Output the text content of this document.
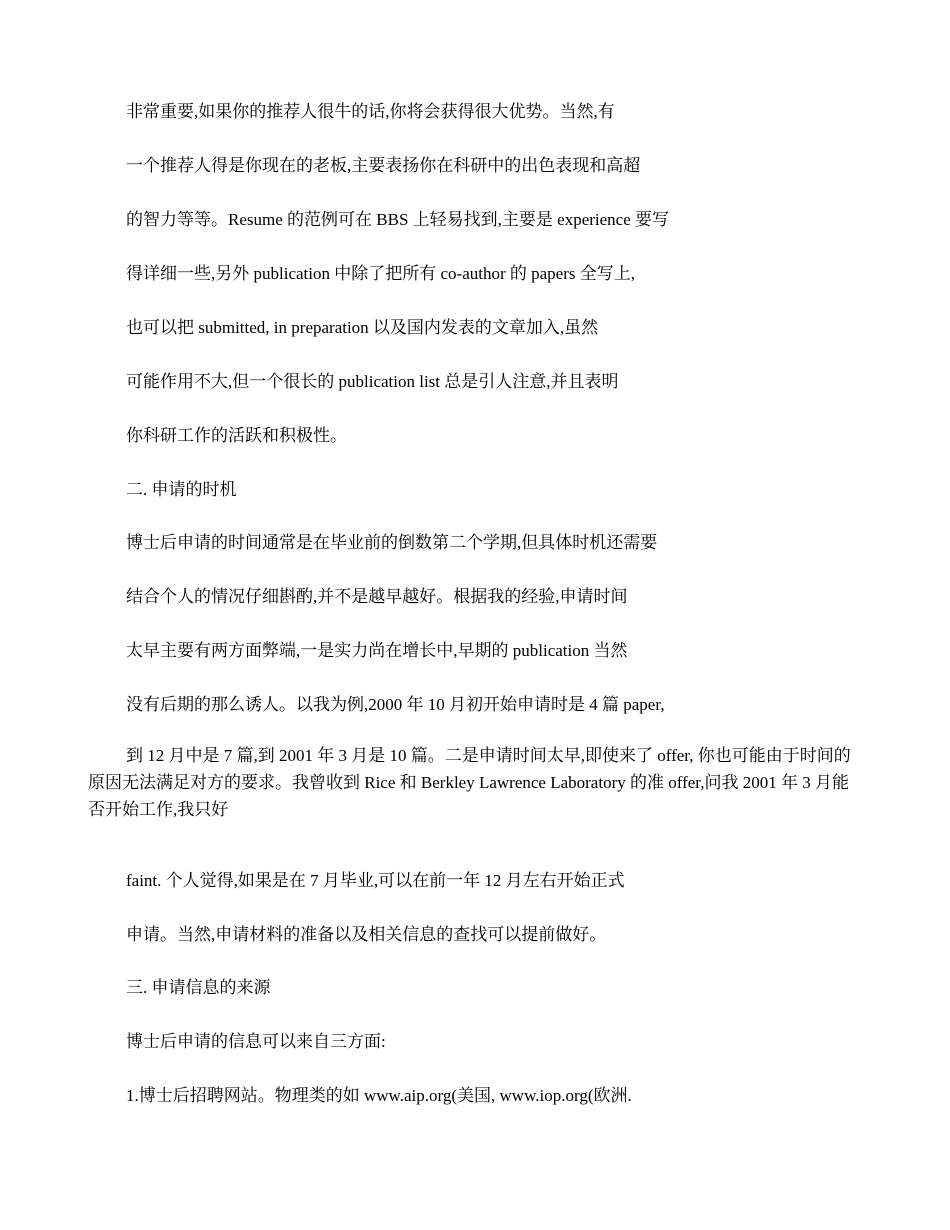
非常重要,如果你的推荐人很牛的话,你将会获得很大优势。当然,有

一个推荐人得是你现在的老板,主要表扬你在科研中的出色表现和高超

的智力等等。Resume 的范例可在 BBS 上轻易找到,主要是 experience 要写

得详细一些,另外 publication 中除了把所有 co-author 的 papers 全写上,

也可以把 submitted, in preparation 以及国内发表的文章加入,虽然

可能作用不大,但一个很长的 publication list 总是引人注意,并且表明

你科研工作的活跃和积极性。

二. 申请的时机

博士后申请的时间通常是在毕业前的倒数第二个学期,但具体时机还需要

结合个人的情况仔细斟酌,并不是越早越好。根据我的经验,申请时间

太早主要有两方面弊端,一是实力尚在增长中,早期的 publication 当然

没有后期的那么诱人。以我为例,2000 年 10 月初开始申请时是 4 篇 paper,

到 12 月中是 7 篇,到 2001 年 3 月是 10 篇。二是申请时间太早,即使来了 offer, 你也可能由于时间的原因无法满足对方的要求。我曾收到 Rice 和 Berkley Lawrence Laboratory 的准 offer,问我 2001 年 3 月能否开始工作,我只好

faint. 个人觉得,如果是在 7 月毕业,可以在前一年 12 月左右开始正式

申请。当然,申请材料的准备以及相关信息的查找可以提前做好。

三. 申请信息的来源

博士后申请的信息可以来自三方面:

1.博士后招聘网站。物理类的如 www.aip.org(美国, www.iop.org(欧洲.
